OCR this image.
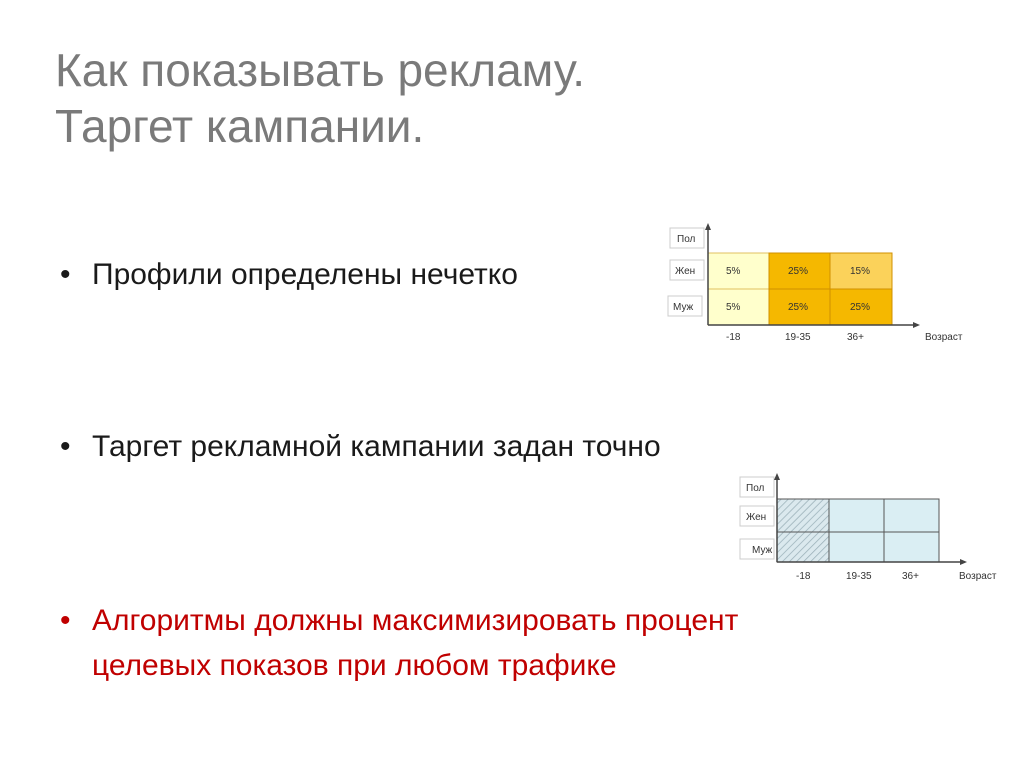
Как показывать рекламу.
Таргет кампании.
• Профили определены нечетко
• Таргет рекламной кампании задан точно
• Алгоритмы должны максимизировать процент целевых показов при любом трафике
Пол
Жен
Муж
5%	25%	15%
5%	25%	25%
-18	19-35	36+	Возраст
Пол
Жен
Муж
-18	19-35	36+	Возраст
